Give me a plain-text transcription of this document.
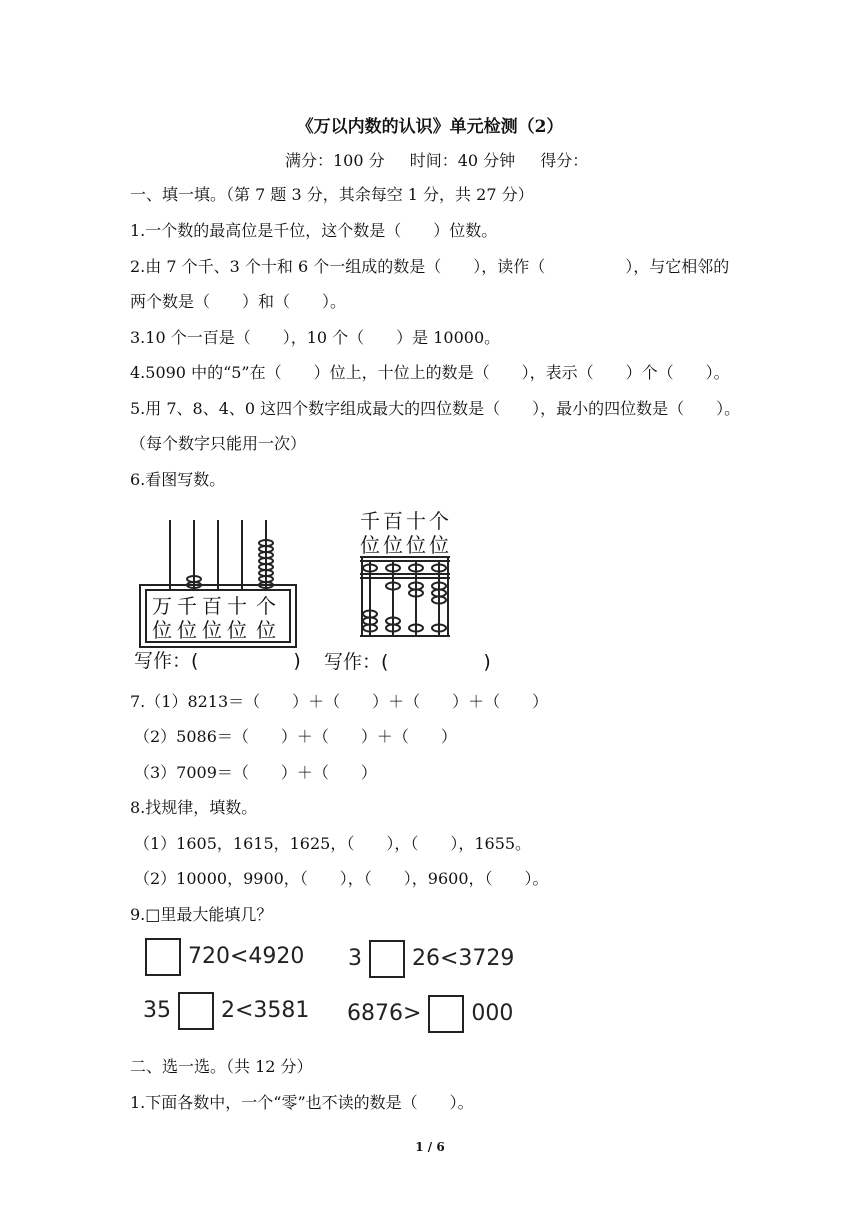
《万以内数的认识》单元检测（2）
满分：100 分 时间：40 分钟 得分：
一、填一填。（第 7 题 3 分，其余每空 1 分，共 27 分）
1.一个数的最高位是千位，这个数是（　　）位数。
2.由 7 个千、3 个十和 6 个一组成的数是（　　），读作（　　　　　），与它相邻的
两个数是（　　）和（　　）。
3.10 个一百是（　　），10 个（　　）是 10000。
4.5090 中的“5”在（　　）位上，十位上的数是（　　），表示（　　）个（　　）。
5.用 7、8、4、0 这四个数字组成最大的四位数是（　　），最小的四位数是（　　）。
（每个数字只能用一次）
6.看图写数。
万 千 百 十 个
位 位 位 位 位
写作：(　　　　　)
千 百 十 个
位 位 位 位
写作：(　　　　　)
7.（1）8213＝（　　）＋（　　）＋（　　）＋（　　）
（2）5086＝（　　）＋（　　）＋（　　）
（3）7009＝（　　）＋（　　）
8.找规律，填数。
（1）1605，1615，1625，（　　），（　　），1655。
（2）10000，9900，（　　），（　　），9600，（　　）。
9.□里最大能填几？
720<4920 3 26<3729
35 2<3581 6876> 000
二、选一选。（共 12 分）
1.下面各数中，一个“零”也不读的数是（　　）。
1 / 6
